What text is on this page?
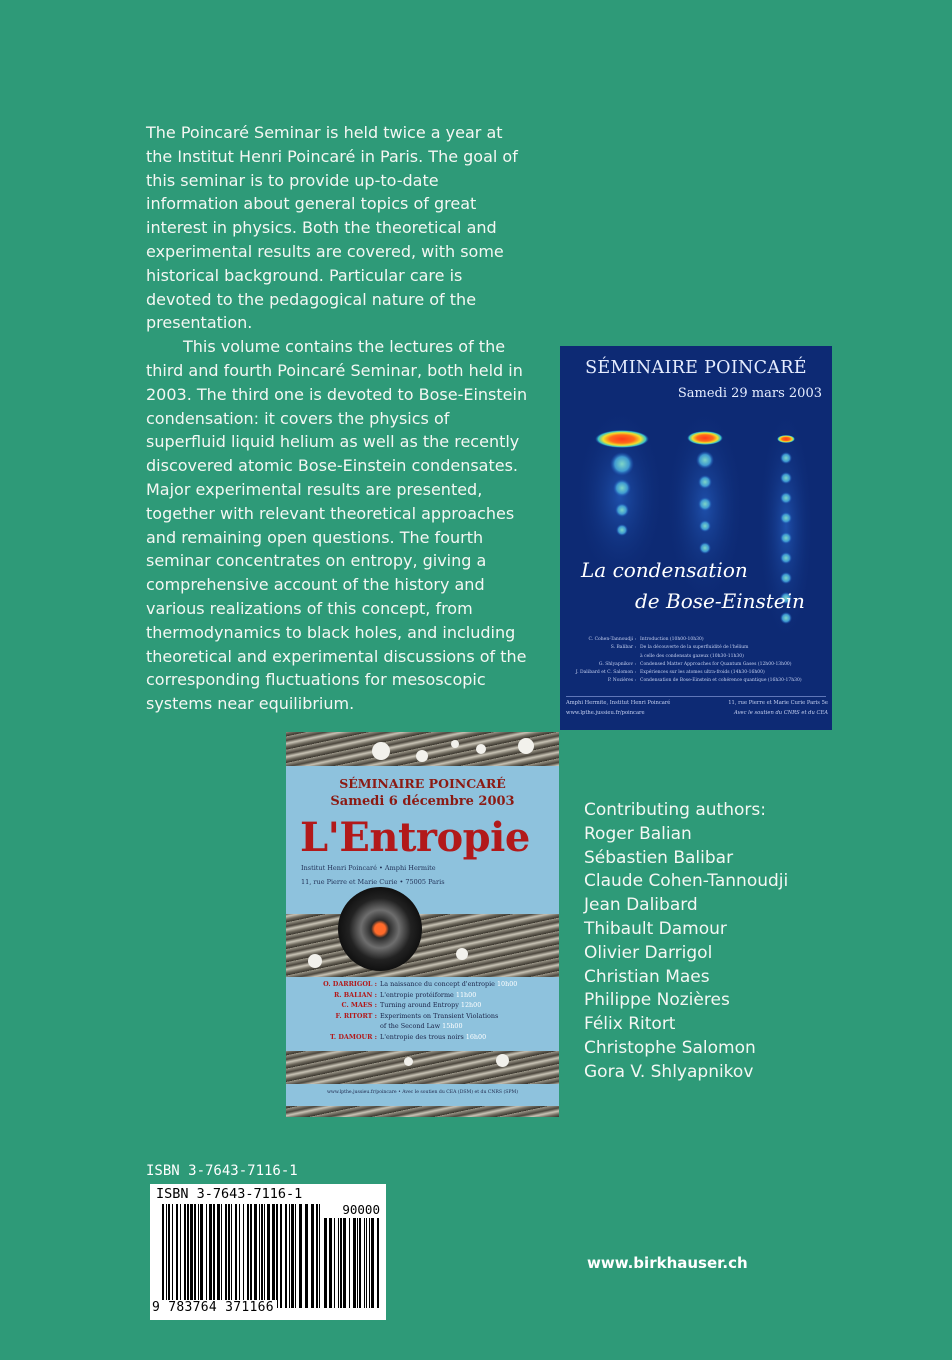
The Poincaré Seminar is held twice a year at the Institut Henri Poincaré in Paris. The goal of this seminar is to provide up-to-date information about general topics of great interest in physics. Both the theoretical and experimental results are covered, with some historical background. Particular care is devoted to the pedagogical nature of the presentation.

This volume contains the lectures of the third and fourth Poincaré Seminar, both held in 2003. The third one is devoted to Bose-Einstein condensation: it covers the physics of superfluid liquid helium as well as the recently discovered atomic Bose-Einstein condensates. Major experimental results are presented, together with relevant theoretical approaches and remaining open questions. The fourth seminar concentrates on entropy, giving a comprehensive account of the history and various realizations of this concept, from thermodynamics to black holes, and including theoretical and experimental discussions of the corresponding fluctuations for mesoscopic systems near equilibrium.

SÉMINAIRE POINCARÉ
Samedi 29 mars 2003
La condensation
de Bose-Einstein
C. Cohen-Tannoudji : Introduction (10h00-10h30)
S. Balibar : De la découverte de la superfluidité de l'hélium
à celle des condensats gazeux (10h30-11h30)
G. Shlyapnikov : Condensed Matter Approaches for Quantum Gases (12h00-13h00)
J. Dalibard et C. Salomon : Expériences sur les atomes ultra-froids (14h30-16h00)
P. Nozières : Condensation de Bose-Einstein et cohérence quantique (16h30-17h30)
Amphi Hermite, Institut Henri Poincaré	11, rue Pierre et Marie Curie Paris 5e
www.lpthe.jussieu.fr/poincare	Avec le soutien du CNRS et du CEA
SÉMINAIRE POINCARÉ
Samedi 6 décembre 2003
L'Entropie
Institut Henri Poincaré • Amphi Hermite
11, rue Pierre et Marie Curie • 75005 Paris
O. DARRIGOL : La naissance du concept d'entropie 10h00
R. BALIAN : L'entropie protéiforme 11h00
C. MAES : Turning around Entropy 12h00
F. RITORT : Experiments on Transient Violations
of the Second Law 15h00
T. DAMOUR : L'entropie des trous noirs 16h00
www.lpthe.jussieu.fr/poincare • Avec le soutien du CEA (DSM) et du CNRS (SPM)
Contributing authors:
Roger Balian
Sébastien Balibar
Claude Cohen-Tannoudji
Jean Dalibard
Thibault Damour
Olivier Darrigol
Christian Maes
Philippe Nozières
Félix Ritort
Christophe Salomon
Gora V. Shlyapnikov
ISBN 3-7643-7116-1
ISBN 3-7643-7116-1
90000
9 783764 371166
www.birkhauser.ch
